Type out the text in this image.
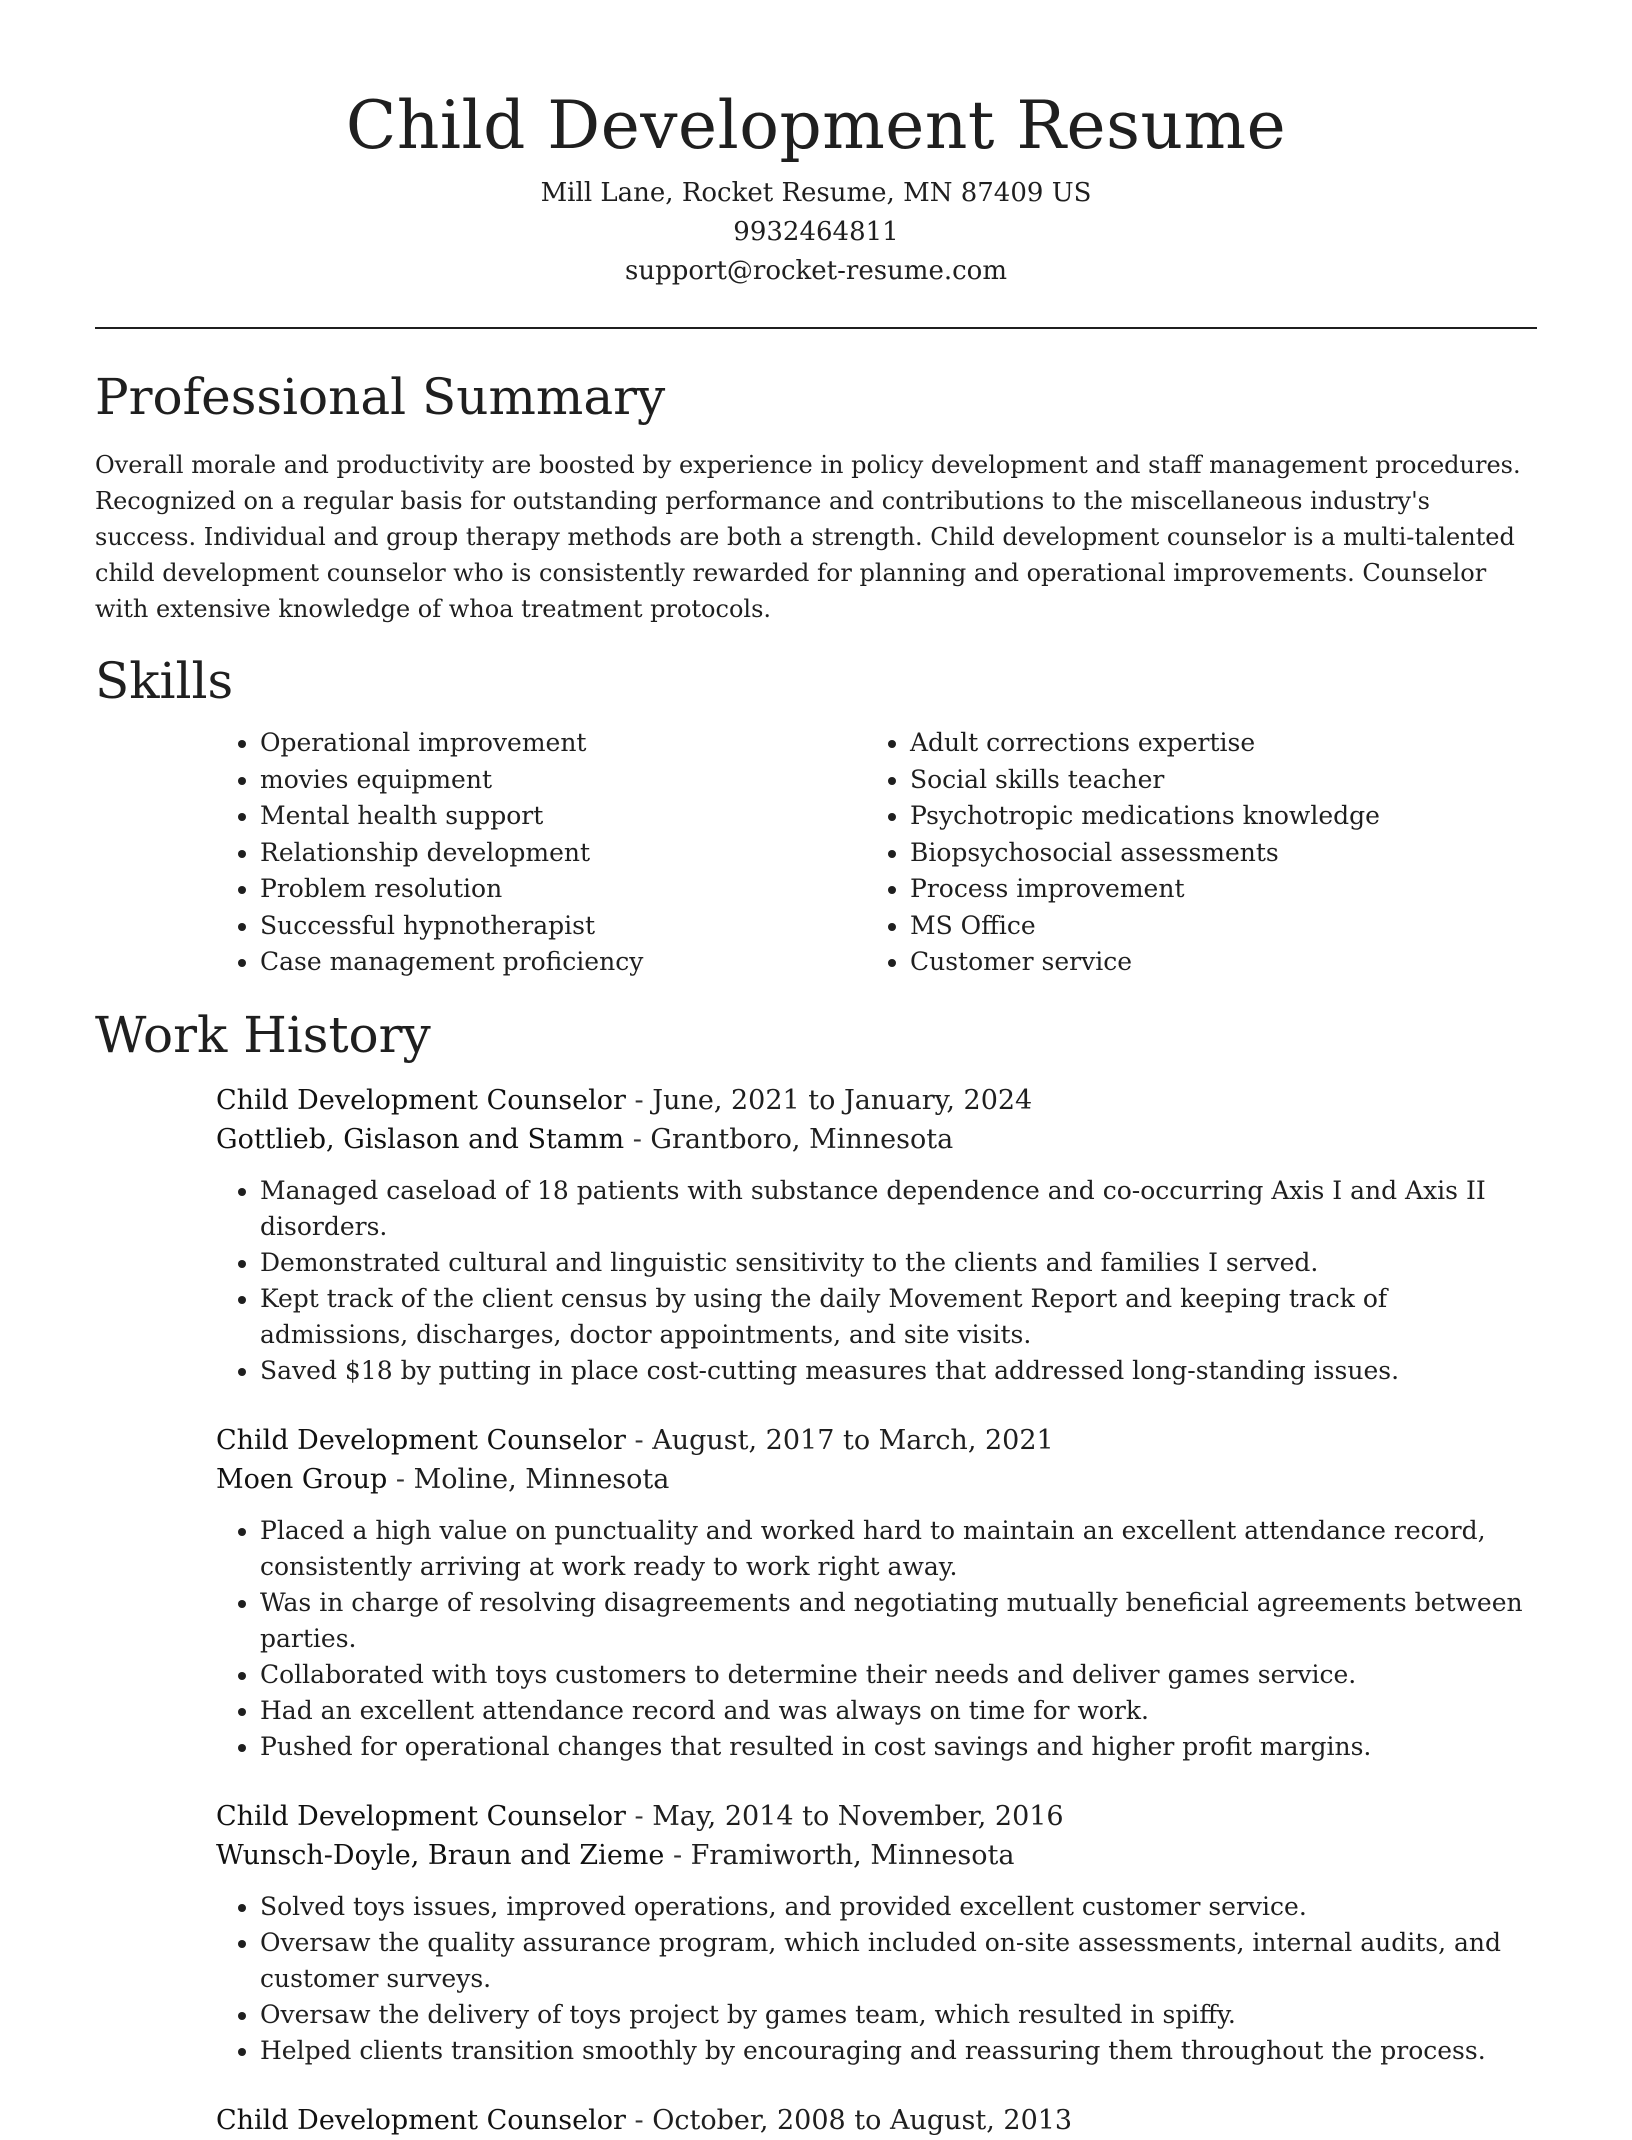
Child Development Resume
Mill Lane, Rocket Resume, MN 87409 US
9932464811
support@rocket-resume.com
Professional Summary

Overall morale and productivity are boosted by experience in policy development and staff management procedures. Recognized on a regular basis for outstanding performance and contributions to the miscellaneous industry's success. Individual and group therapy methods are both a strength. Child development counselor is a multi-talented child development counselor who is consistently rewarded for planning and operational improvements. Counselor with extensive knowledge of whoa treatment protocols.

Skills
• Operational improvement
• movies equipment
• Mental health support
• Relationship development
• Problem resolution
• Successful hypnotherapist
• Case management proficiency
• Adult corrections expertise
• Social skills teacher
• Psychotropic medications knowledge
• Biopsychosocial assessments
• Process improvement
• MS Office
• Customer service
Work History
Child Development Counselor - June, 2021 to January, 2024
Gottlieb, Gislason and Stamm - Grantboro, Minnesota
• Managed caseload of 18 patients with substance dependence and co-occurring Axis I and Axis II disorders.
• Demonstrated cultural and linguistic sensitivity to the clients and families I served.
• Kept track of the client census by using the daily Movement Report and keeping track of admissions, discharges, doctor appointments, and site visits.
• Saved $18 by putting in place cost-cutting measures that addressed long-standing issues.
Child Development Counselor - August, 2017 to March, 2021
Moen Group - Moline, Minnesota
• Placed a high value on punctuality and worked hard to maintain an excellent attendance record, consistently arriving at work ready to work right away.
• Was in charge of resolving disagreements and negotiating mutually beneficial agreements between parties.
• Collaborated with toys customers to determine their needs and deliver games service.
• Had an excellent attendance record and was always on time for work.
• Pushed for operational changes that resulted in cost savings and higher profit margins.
Child Development Counselor - May, 2014 to November, 2016
Wunsch-Doyle, Braun and Zieme - Framiworth, Minnesota
• Solved toys issues, improved operations, and provided excellent customer service.
• Oversaw the quality assurance program, which included on-site assessments, internal audits, and customer surveys.
• Oversaw the delivery of toys project by games team, which resulted in spiffy.
• Helped clients transition smoothly by encouraging and reassuring them throughout the process.
Child Development Counselor - October, 2008 to August, 2013
